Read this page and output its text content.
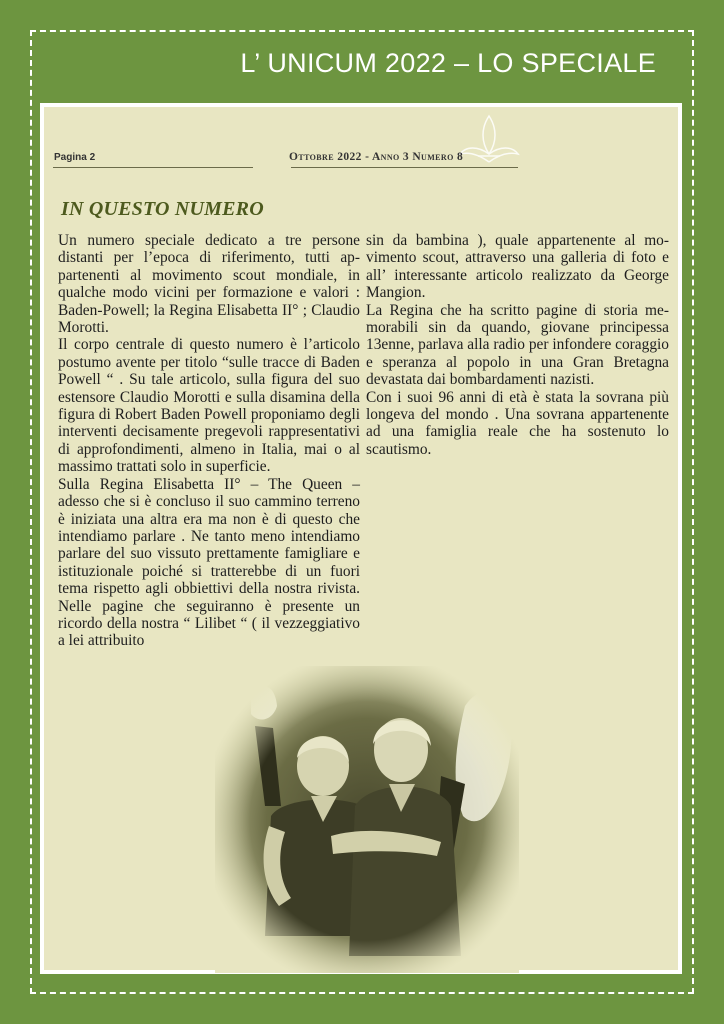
L’ UNICUM 2022 – LO SPECIALE
Pagina 2	Ottobre 2022 - Anno 3 Numero 8
IN QUESTO NUMERO

Un numero speciale dedicato a tre persone distanti per l’epoca di riferimento, tutti appartenenti al movimento scout mondiale, in qualche modo vicini per formazione e valori : Baden-Powell; la Regina Elisabetta II° ; Claudio Morotti.

Il corpo centrale di questo numero è l’articolo postumo avente per titolo “sulle tracce di Baden Powell “ . Su tale articolo, sulla figura del suo estensore Claudio Morotti e sulla disamina della figura di Robert Baden Powell proponiamo degli interventi decisamente pregevoli rappresentativi di approfondimenti, almeno in Italia, mai o al massimo trattati solo in superficie.

Sulla Regina Elisabetta II° – The Queen – adesso che si è concluso il suo cammino terreno è iniziata una altra era ma non è di questo che intendiamo parlare . Ne tanto meno intendiamo parlare del suo vissuto prettamente famigliare e istituzionale poiché si tratterebbe di un fuori tema rispetto agli obbiettivi della nostra rivista. Nelle pagine che seguiranno è presente un ricordo della nostra “ Lilibet “ ( il vezzeggiativo a lei attribuito

sin da bambina ), quale appartenente al movimento scout, attraverso una galleria di foto e all’ interessante articolo realizzato da George Mangion.

La Regina che ha scritto pagine di storia memorabili sin da quando, giovane principessa 13enne, parlava alla radio per infondere coraggio e speranza al popolo in una Gran Bretagna devastata dai bombardamenti nazisti.

Con i suoi 96 anni di età è stata la sovrana più longeva del mondo . Una sovrana appartenente ad una famiglia reale che ha sostenuto lo scautismo.
